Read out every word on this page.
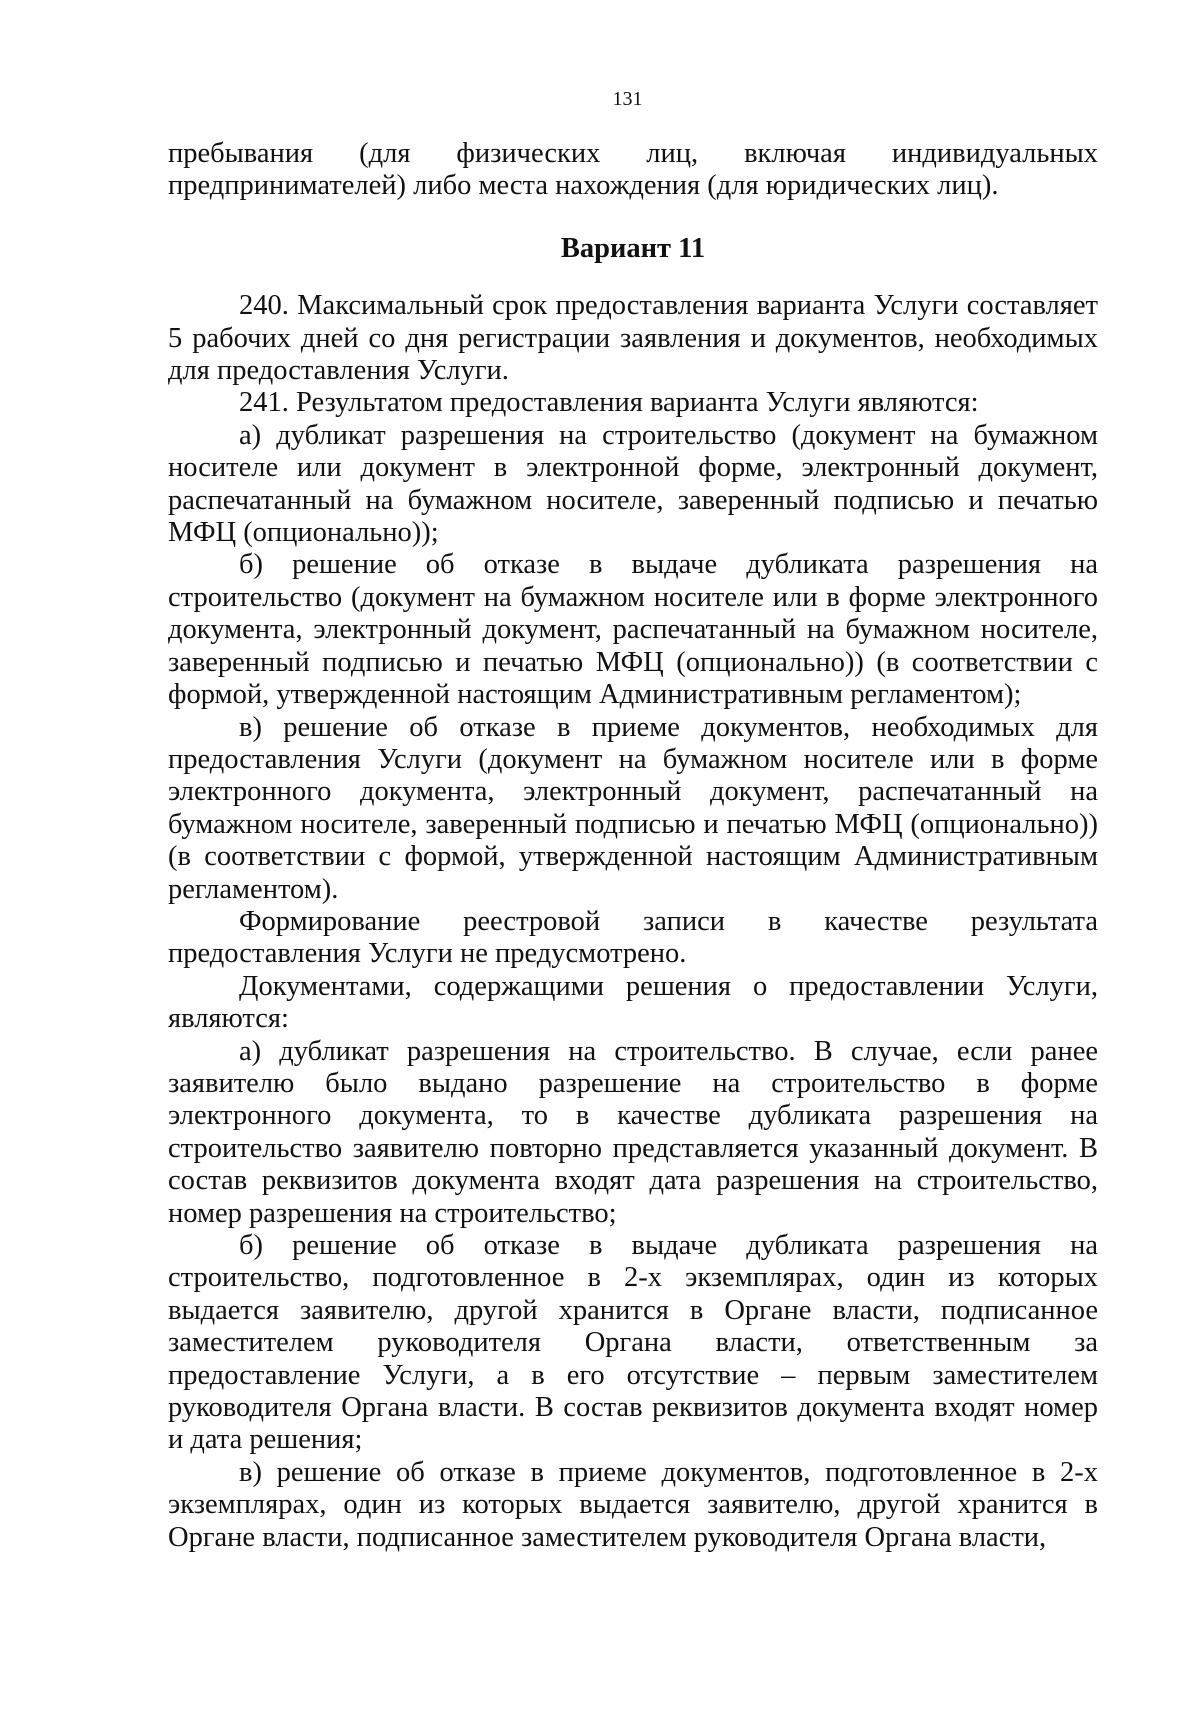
131

пребывания (для физических лиц, включая индивидуальных предпринимателей) либо места нахождения (для юридических лиц).

Вариант 11

240. Максимальный срок предоставления варианта Услуги составляет 5 рабочих дней со дня регистрации заявления и документов, необходимых для предоставления Услуги.

241. Результатом предоставления варианта Услуги являются:

а) дубликат разрешения на строительство (документ на бумажном носителе или документ в электронной форме, электронный документ, распечатанный на бумажном носителе, заверенный подписью и печатью МФЦ (опционально));

б) решение об отказе в выдаче дубликата разрешения на строительство (документ на бумажном носителе или в форме электронного документа, электронный документ, распечатанный на бумажном носителе, заверенный подписью и печатью МФЦ (опционально)) (в соответствии с формой, утвержденной настоящим Административным регламентом);

в) решение об отказе в приеме документов, необходимых для предоставления Услуги (документ на бумажном носителе или в форме электронного документа, электронный документ, распечатанный на бумажном носителе, заверенный подписью и печатью МФЦ (опционально)) (в соответствии с формой, утвержденной настоящим Административным регламентом).

Формирование реестровой записи в качестве результата предоставления Услуги не предусмотрено.

Документами, содержащими решения о предоставлении Услуги, являются:

а) дубликат разрешения на строительство. В случае, если ранее заявителю было выдано разрешение на строительство в форме электронного документа, то в качестве дубликата разрешения на строительство заявителю повторно представляется указанный документ. В состав реквизитов документа входят дата разрешения на строительство, номер разрешения на строительство;

б) решение об отказе в выдаче дубликата разрешения на строительство, подготовленное в 2-х экземплярах, один из которых выдается заявителю, другой хранится в Органе власти, подписанное заместителем руководителя Органа власти, ответственным за предоставление Услуги, а в его отсутствие – первым заместителем руководителя Органа власти. В состав реквизитов документа входят номер и дата решения;

в) решение об отказе в приеме документов, подготовленное в 2-х экземплярах, один из которых выдается заявителю, другой хранится в Органе власти, подписанное заместителем руководителя Органа власти,
